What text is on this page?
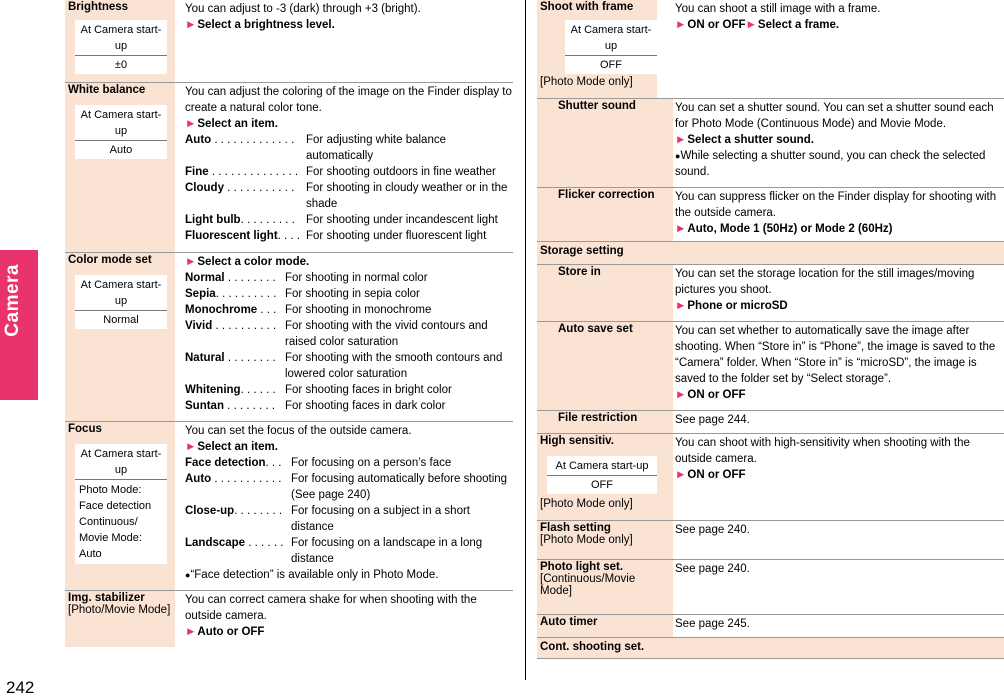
Camera
242
Brightness
At Camera start-up
±0

You can adjust to -3 (dark) through +3 (bright).

► Select a brightness level.

White balance
At Camera start-up
Auto

You can adjust the coloring of the image on the Finder display to create a natural color tone.

► Select an item.

Auto . . . . . . . . . . . . .	For adjusting white balance automatically
Fine . . . . . . . . . . . . . . For shooting outdoors in fine weather
Cloudy . . . . . . . . . . .	For shooting in cloudy weather or in the shade
Light bulb. . . . . . . . . For shooting under incandescent light
Fluorescent light. . . . For shooting under fluorescent light
Color mode set
At Camera start-up
Normal

► Select a color mode.

Normal . . . . . . . . For shooting in normal color
Sepia. . . . . . . . . . For shooting in sepia color
Monochrome . . . For shooting in monochrome
Vivid . . . . . . . . . . For shooting with the vivid contours and raised color saturation
Natural . . . . . . . . For shooting with the smooth contours and lowered color saturation
Whitening. . . . . . For shooting faces in bright color
Suntan . . . . . . . . For shooting faces in dark color
Focus
At Camera start-up
Photo Mode: Face detection Continuous/ Movie Mode: Auto

You can set the focus of the outside camera.

► Select an item.

Face detection. . . For focusing on a person’s face
Auto . . . . . . . . . . . For focusing automatically before shooting (See page 240)
Close-up. . . . . . . . For focusing on a subject in a short distance
Landscape . . . . . . For focusing on a landscape in a long distance

● “Face detection” is available only in Photo Mode.

Img. stabilizer
[Photo/Movie Mode]

You can correct camera shake for when shooting with the outside camera.

► Auto or OFF

Shoot with frame
[Photo Mode only]
At Camera start-up
OFF

You can shoot a still image with a frame.

► ON or OFF► Select a frame.

Shutter sound	You can set a shutter sound. You can set a shutter sound each for Photo Mode (Continuous Mode) and Movie Mode.

► Select a shutter sound.

● While selecting a shutter sound, you can check the selected sound.

Flicker correction	You can suppress flicker on the Finder display for shooting with the outside camera.

► Auto, Mode 1 (50Hz) or Mode 2 (60Hz)

Storage setting
Store in	You can set the storage location for the still images/moving pictures you shoot.

► Phone or microSD

Auto save set	You can set whether to automatically save the image after shooting. When “Store in” is “Phone”, the image is saved to the “Camera” folder. When “Store in” is “microSD”, the image is saved to the folder set by “Select storage”.

► ON or OFF

File restriction	See page 244.
High sensitiv.
[Photo Mode only]
At Camera start-up
OFF

You can shoot with high-sensitivity when shooting with the outside camera.

► ON or OFF

Flash setting
[Photo Mode only]
See page 240.
Photo light set.
[Continuous/Movie Mode]
See page 240.
Auto timer	See page 245.
Cont. shooting set.
